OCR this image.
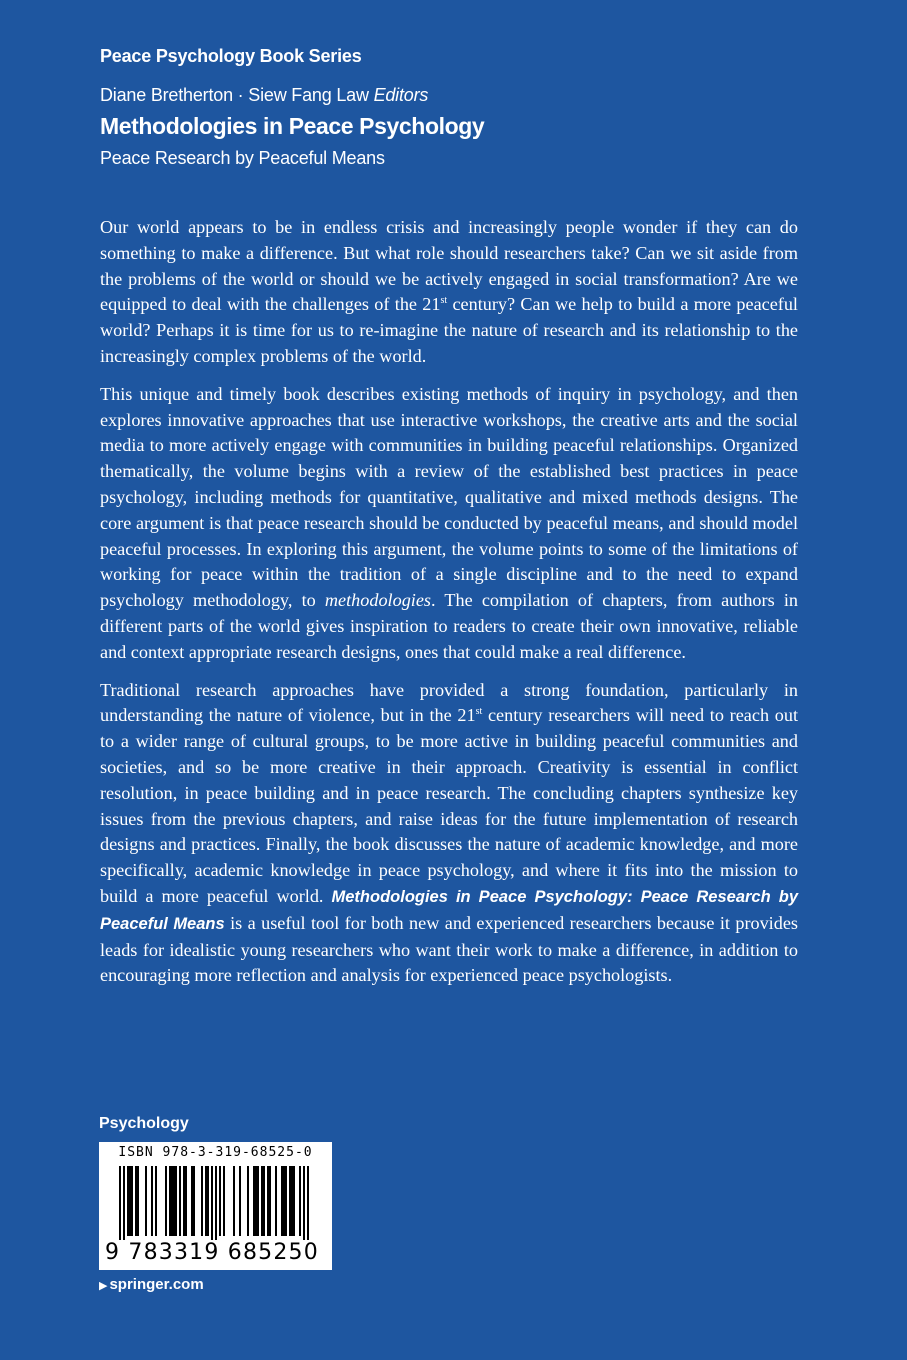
Peace Psychology Book Series
Diane Bretherton · Siew Fang Law Editors
Methodologies in Peace Psychology
Peace Research by Peaceful Means

Our world appears to be in endless crisis and increasingly people wonder if they can do something to make a difference. But what role should researchers take? Can we sit aside from the problems of the world or should we be actively engaged in social transformation? Are we equipped to deal with the challenges of the 21st century? Can we help to build a more peaceful world? Perhaps it is time for us to re-imagine the nature of research and its relationship to the increasingly complex problems of the world.

This unique and timely book describes existing methods of inquiry in psychology, and then explores innovative approaches that use interactive workshops, the creative arts and the social media to more actively engage with communities in building peaceful relationships. Organized thematically, the volume begins with a review of the established best practices in peace psychology, including methods for quantitative, qualitative and mixed methods designs. The core argument is that peace research should be conducted by peaceful means, and should model peaceful processes. In exploring this argument, the volume points to some of the limitations of working for peace within the tradition of a single discipline and to the need to expand psychology methodology, to methodologies. The compilation of chapters, from authors in different parts of the world gives inspiration to readers to create their own innovative, reliable and context appropriate research designs, ones that could make a real difference.

Traditional research approaches have provided a strong foundation, particularly in understanding the nature of violence, but in the 21st century researchers will need to reach out to a wider range of cultural groups, to be more active in building peaceful communities and societies, and so be more creative in their approach. Creativity is essential in conflict resolution, in peace building and in peace research. The concluding chapters synthesize key issues from the previous chapters, and raise ideas for the future implementation of research designs and practices. Finally, the book discusses the nature of academic knowledge, and more specifically, academic knowledge in peace psychology, and where it fits into the mission to build a more peaceful world. Methodologies in Peace Psychology: Peace Research by Peaceful Means is a useful tool for both new and experienced researchers because it provides leads for idealistic young researchers who want their work to make a difference, in addition to encouraging more reflection and analysis for experienced peace psychologists.

Psychology
ISBN 978-3-319-68525-0
9 783319 685250
▶ springer.com
